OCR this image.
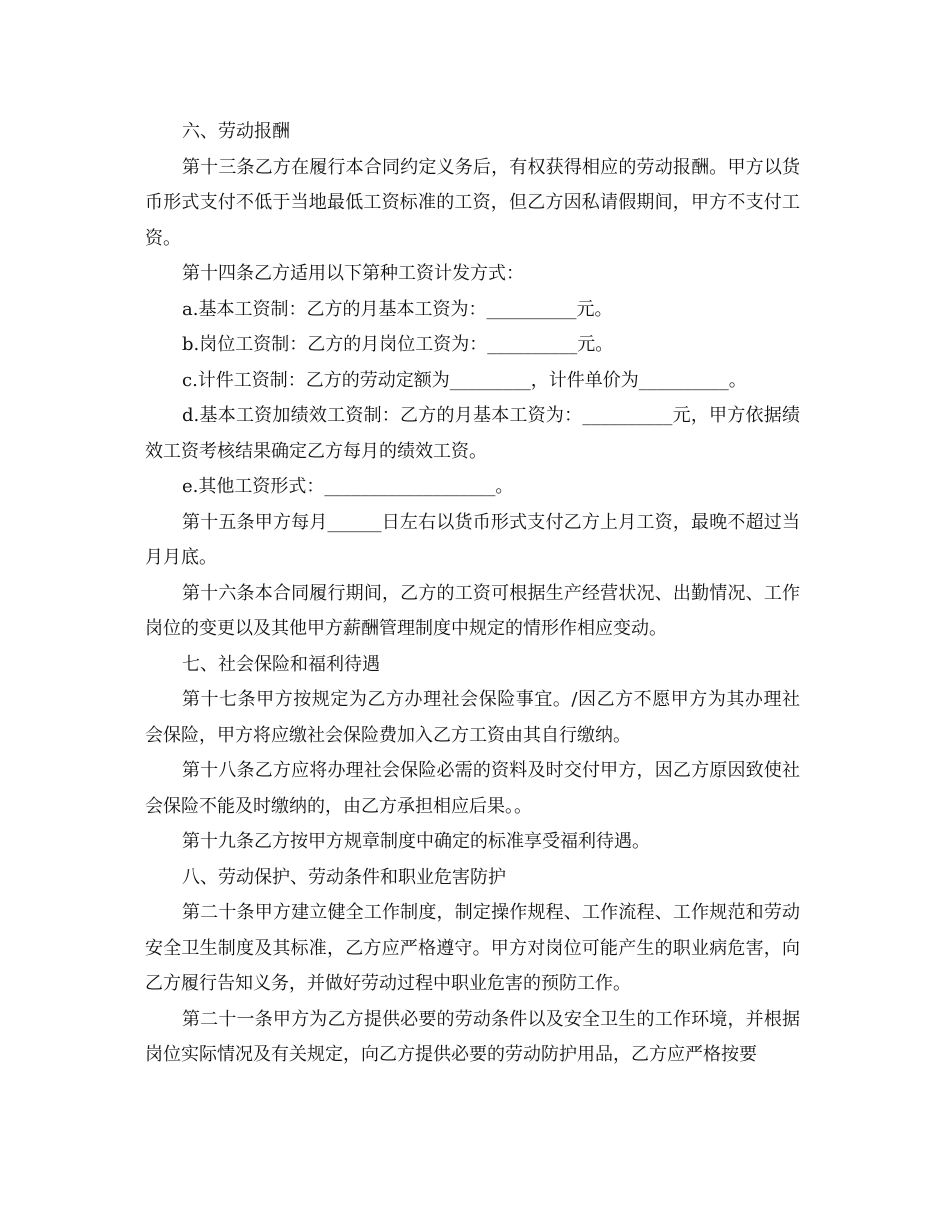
六、劳动报酬

第十三条乙方在履行本合同约定义务后，有权获得相应的劳动报酬。甲方以货币形式支付不低于当地最低工资标准的工资，但乙方因私请假期间，甲方不支付工资。

第十四条乙方适用以下第种工资计发方式：

a.基本工资制：乙方的月基本工资为：__________元。

b.岗位工资制：乙方的月岗位工资为：__________元。

c.计件工资制：乙方的劳动定额为_________，计件单价为__________。

d.基本工资加绩效工资制：乙方的月基本工资为：__________元，甲方依据绩效工资考核结果确定乙方每月的绩效工资。

e.其他工资形式：___________________。

第十五条甲方每月______日左右以货币形式支付乙方上月工资，最晚不超过当月月底。

第十六条本合同履行期间，乙方的工资可根据生产经营状况、出勤情况、工作岗位的变更以及其他甲方薪酬管理制度中规定的情形作相应变动。

七、社会保险和福利待遇

第十七条甲方按规定为乙方办理社会保险事宜。/因乙方不愿甲方为其办理社会保险，甲方将应缴社会保险费加入乙方工资由其自行缴纳。

第十八条乙方应将办理社会保险必需的资料及时交付甲方，因乙方原因致使社会保险不能及时缴纳的，由乙方承担相应后果。。

第十九条乙方按甲方规章制度中确定的标准享受福利待遇。

八、劳动保护、劳动条件和职业危害防护

第二十条甲方建立健全工作制度，制定操作规程、工作流程、工作规范和劳动安全卫生制度及其标准，乙方应严格遵守。甲方对岗位可能产生的职业病危害，向乙方履行告知义务，并做好劳动过程中职业危害的预防工作。

第二十一条甲方为乙方提供必要的劳动条件以及安全卫生的工作环境，并根据岗位实际情况及有关规定，向乙方提供必要的劳动防护用品，乙方应严格按要
